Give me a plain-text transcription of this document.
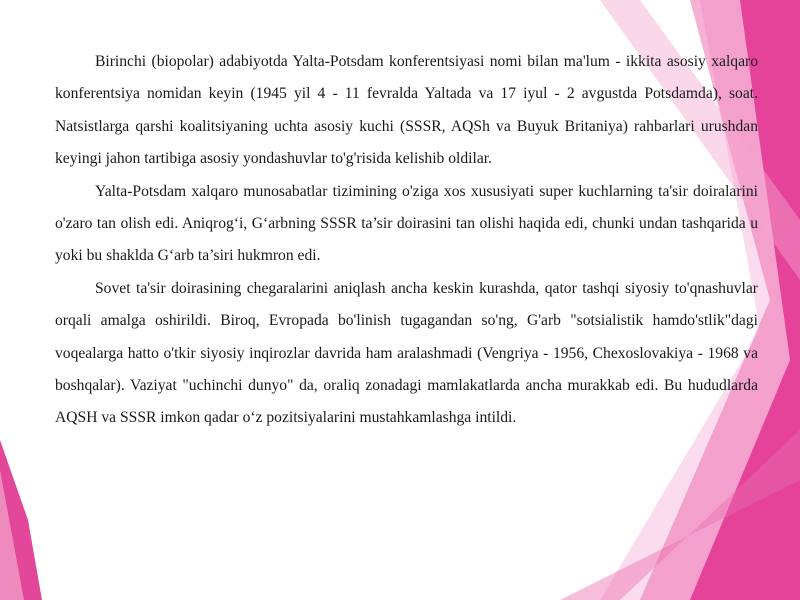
Birinchi (biopolar) adabiyotda Yalta-Potsdam konferentsiyasi nomi bilan ma'lum - ikkita asosiy xalqaro konferentsiya nomidan keyin (1945 yil 4 - 11 fevralda Yaltada va 17 iyul - 2 avgustda Potsdamda), soat. Natsistlarga qarshi koalitsiyaning uchta asosiy kuchi (SSSR, AQSh va Buyuk Britaniya) rahbarlari urushdan keyingi jahon tartibiga asosiy yondashuvlar to'g'risida kelishib oldilar.

Yalta-Potsdam xalqaro munosabatlar tizimining o'ziga xos xususiyati super kuchlarning ta'sir doiralarini o'zaro tan olish edi. Aniqrog‘i, G‘arbning SSSR ta’sir doirasini tan olishi haqida edi, chunki undan tashqarida u yoki bu shaklda G‘arb ta’siri hukmron edi.

Sovet ta'sir doirasining chegaralarini aniqlash ancha keskin kurashda, qator tashqi siyosiy to'qnashuvlar orqali amalga oshirildi. Biroq, Evropada bo'linish tugagandan so'ng, G'arb "sotsialistik hamdo'stlik"dagi voqealarga hatto o'tkir siyosiy inqirozlar davrida ham aralashmadi (Vengriya - 1956, Chexoslovakiya - 1968 va boshqalar). Vaziyat "uchinchi dunyo" da, oraliq zonadagi mamlakatlarda ancha murakkab edi. Bu hududlarda AQSH va SSSR imkon qadar o‘z pozitsiyalarini mustahkamlashga intildi.
